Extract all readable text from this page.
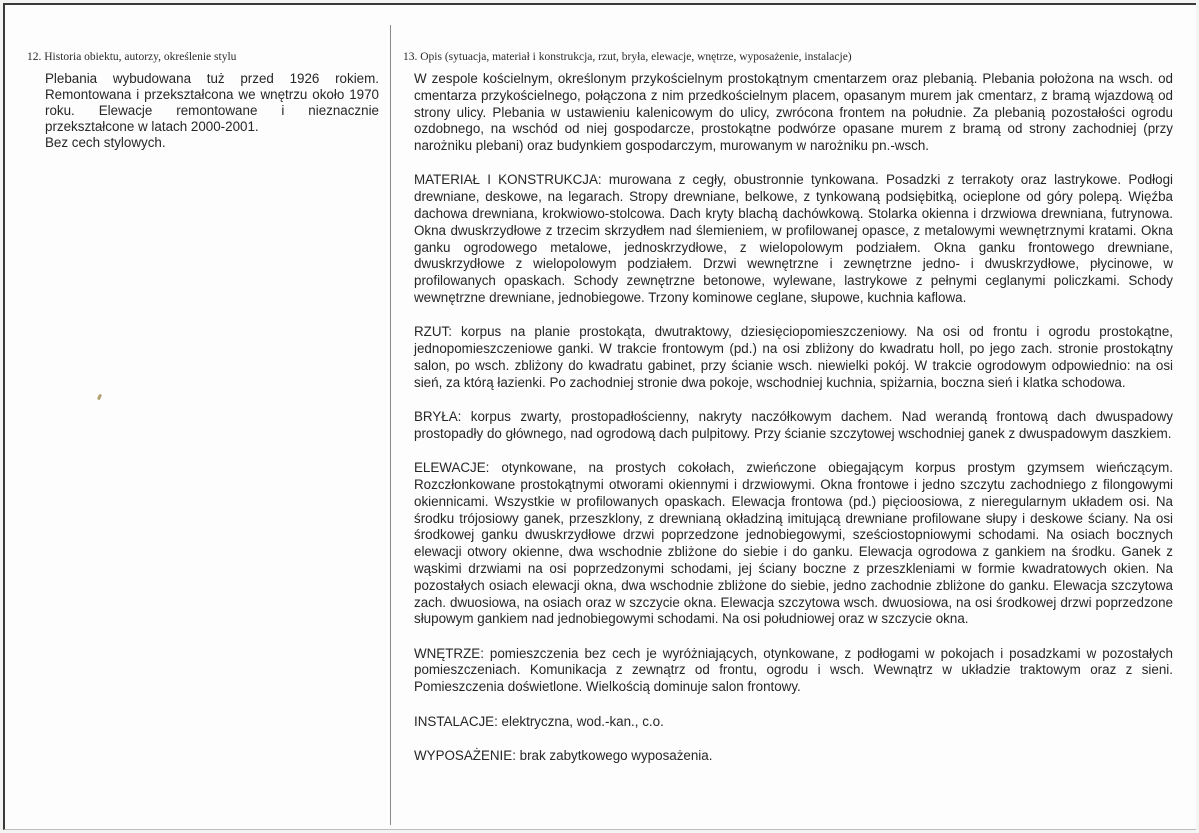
12. Historia obiektu, autorzy, określenie stylu
Plebania wybudowana tuż przed 1926 rokiem. Remontowana i przekształcona we wnętrzu około 1970 roku. Elewacje remontowane i nieznacznie przekształcone w latach 2000-2001.
Bez cech stylowych.
13. Opis (sytuacja, materiał i konstrukcja, rzut, bryła, elewacje, wnętrze, wyposażenie, instalacje)

W zespole kościelnym, określonym przykościelnym prostokątnym cmentarzem oraz plebanią. Plebania położona na wsch. od cmentarza przykościelnego, połączona z nim przedkościelnym placem, opasanym murem jak cmentarz, z bramą wjazdową od strony ulicy. Plebania w ustawieniu kalenicowym do ulicy, zwrócona frontem na południe. Za plebanią pozostałości ogrodu ozdobnego, na wschód od niej gospodarcze, prostokątne podwórze opasane murem z bramą od strony zachodniej (przy narożniku plebani) oraz budynkiem gospodarczym, murowanym w narożniku pn.-wsch.

MATERIAŁ I KONSTRUKCJA: murowana z cegły, obustronnie tynkowana. Posadzki z terrakoty oraz lastrykowe. Podłogi drewniane, deskowe, na legarach. Stropy drewniane, belkowe, z tynkowaną podsiębitką, ocieplone od góry polepą. Więźba dachowa drewniana, krokwiowo-stolcowa. Dach kryty blachą dachówkową. Stolarka okienna i drzwiowa drewniana, futrynowa. Okna dwuskrzydłowe z trzecim skrzydłem nad ślemieniem, w profilowanej opasce, z metalowymi wewnętrznymi kratami. Okna ganku ogrodowego metalowe, jednoskrzydłowe, z wielopolowym podziałem. Okna ganku frontowego drewniane, dwuskrzydłowe z wielopolowym podziałem. Drzwi wewnętrzne i zewnętrzne jedno- i dwuskrzydłowe, płycinowe, w profilowanych opaskach. Schody zewnętrzne betonowe, wylewane, lastrykowe z pełnymi ceglanymi policzkami. Schody wewnętrzne drewniane, jednobiegowe. Trzony kominowe ceglane, słupowe, kuchnia kaflowa.

RZUT: korpus na planie prostokąta, dwutraktowy, dziesięciopomieszczeniowy. Na osi od frontu i ogrodu prostokątne, jednopomieszczeniowe ganki. W trakcie frontowym (pd.) na osi zbliżony do kwadratu holl, po jego zach. stronie prostokątny salon, po wsch. zbliżony do kwadratu gabinet, przy ścianie wsch. niewielki pokój. W trakcie ogrodowym odpowiednio: na osi sień, za którą łazienki. Po zachodniej stronie dwa pokoje, wschodniej kuchnia, spiżarnia, boczna sień i klatka schodowa.

BRYŁA: korpus zwarty, prostopadłościenny, nakryty naczółkowym dachem. Nad werandą frontową dach dwuspadowy prostopadły do głównego, nad ogrodową dach pulpitowy. Przy ścianie szczytowej wschodniej ganek z dwuspadowym daszkiem.

ELEWACJE: otynkowane, na prostych cokołach, zwieńczone obiegającym korpus prostym gzymsem wieńczącym. Rozczłonkowane prostokątnymi otworami okiennymi i drzwiowymi. Okna frontowe i jedno szczytu zachodniego z filongowymi okiennicami. Wszystkie w profilowanych opaskach. Elewacja frontowa (pd.) pięcioosiowa, z nieregularnym układem osi. Na środku trójosiowy ganek, przeszklony, z drewnianą okładziną imitującą drewniane profilowane słupy i deskowe ściany. Na osi środkowej ganku dwuskrzydłowe drzwi poprzedzone jednobiegowymi, sześciostopniowymi schodami. Na osiach bocznych elewacji otwory okienne, dwa wschodnie zbliżone do siebie i do ganku. Elewacja ogrodowa z gankiem na środku. Ganek z wąskimi drzwiami na osi poprzedzonymi schodami, jej ściany boczne z przeszkleniami w formie kwadratowych okien. Na pozostałych osiach elewacji okna, dwa wschodnie zbliżone do siebie, jedno zachodnie zbliżone do ganku. Elewacja szczytowa zach. dwuosiowa, na osiach oraz w szczycie okna. Elewacja szczytowa wsch. dwuosiowa, na osi środkowej drzwi poprzedzone słupowym gankiem nad jednobiegowymi schodami. Na osi południowej oraz w szczycie okna.

WNĘTRZE: pomieszczenia bez cech je wyróżniających, otynkowane, z podłogami w pokojach i posadzkami w pozostałych pomieszczeniach. Komunikacja z zewnątrz od frontu, ogrodu i wsch. Wewnątrz w układzie traktowym oraz z sieni. Pomieszczenia doświetlone. Wielkością dominuje salon frontowy.

INSTALACJE: elektryczna, wod.-kan., c.o.

WYPOSAŻENIE: brak zabytkowego wyposażenia.
